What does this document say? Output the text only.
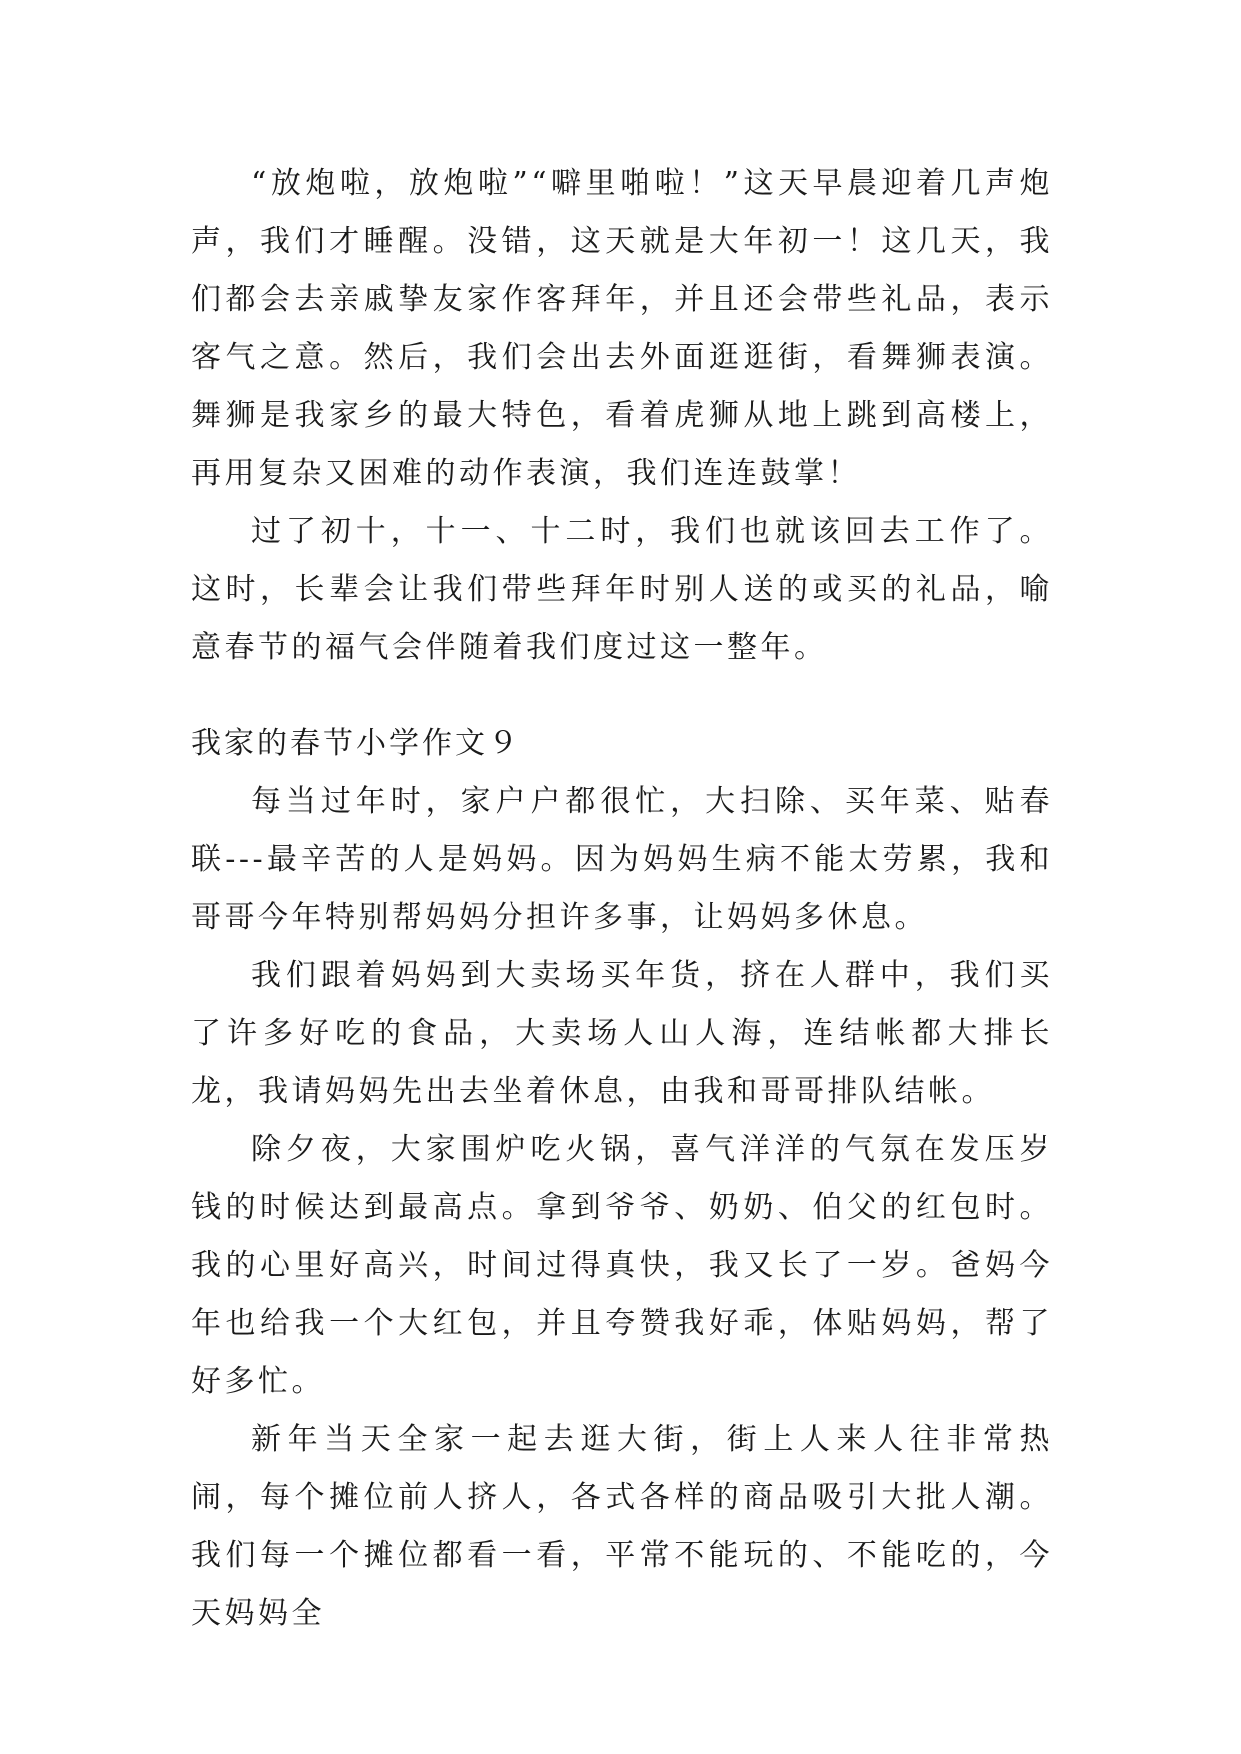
“放炮啦，放炮啦”“噼里啪啦！”这天早晨迎着几声炮声，我们才睡醒。没错，这天就是大年初一！这几天，我们都会去亲戚挚友家作客拜年，并且还会带些礼品，表示客气之意。然后，我们会出去外面逛逛街，看舞狮表演。舞狮是我家乡的最大特色，看着虎狮从地上跳到高楼上，再用复杂又困难的动作表演，我们连连鼓掌！

过了初十，十一、十二时，我们也就该回去工作了。这时，长辈会让我们带些拜年时别人送的或买的礼品，喻意春节的福气会伴随着我们度过这一整年。

我家的春节小学作文９

每当过年时，家户户都很忙，大扫除、买年菜、贴春联---最辛苦的人是妈妈。因为妈妈生病不能太劳累，我和哥哥今年特别帮妈妈分担许多事，让妈妈多休息。

我们跟着妈妈到大卖场买年货，挤在人群中，我们买了许多好吃的食品，大卖场人山人海，连结帐都大排长龙，我请妈妈先出去坐着休息，由我和哥哥排队结帐。

除夕夜，大家围炉吃火锅，喜气洋洋的气氛在发压岁钱的时候达到最高点。拿到爷爷、奶奶、伯父的红包时。我的心里好高兴，时间过得真快，我又长了一岁。爸妈今年也给我一个大红包，并且夸赞我好乖，体贴妈妈，帮了好多忙。

新年当天全家一起去逛大街，街上人来人往非常热闹，每个摊位前人挤人，各式各样的商品吸引大批人潮。我们每一个摊位都看一看，平常不能玩的、不能吃的，今天妈妈全
